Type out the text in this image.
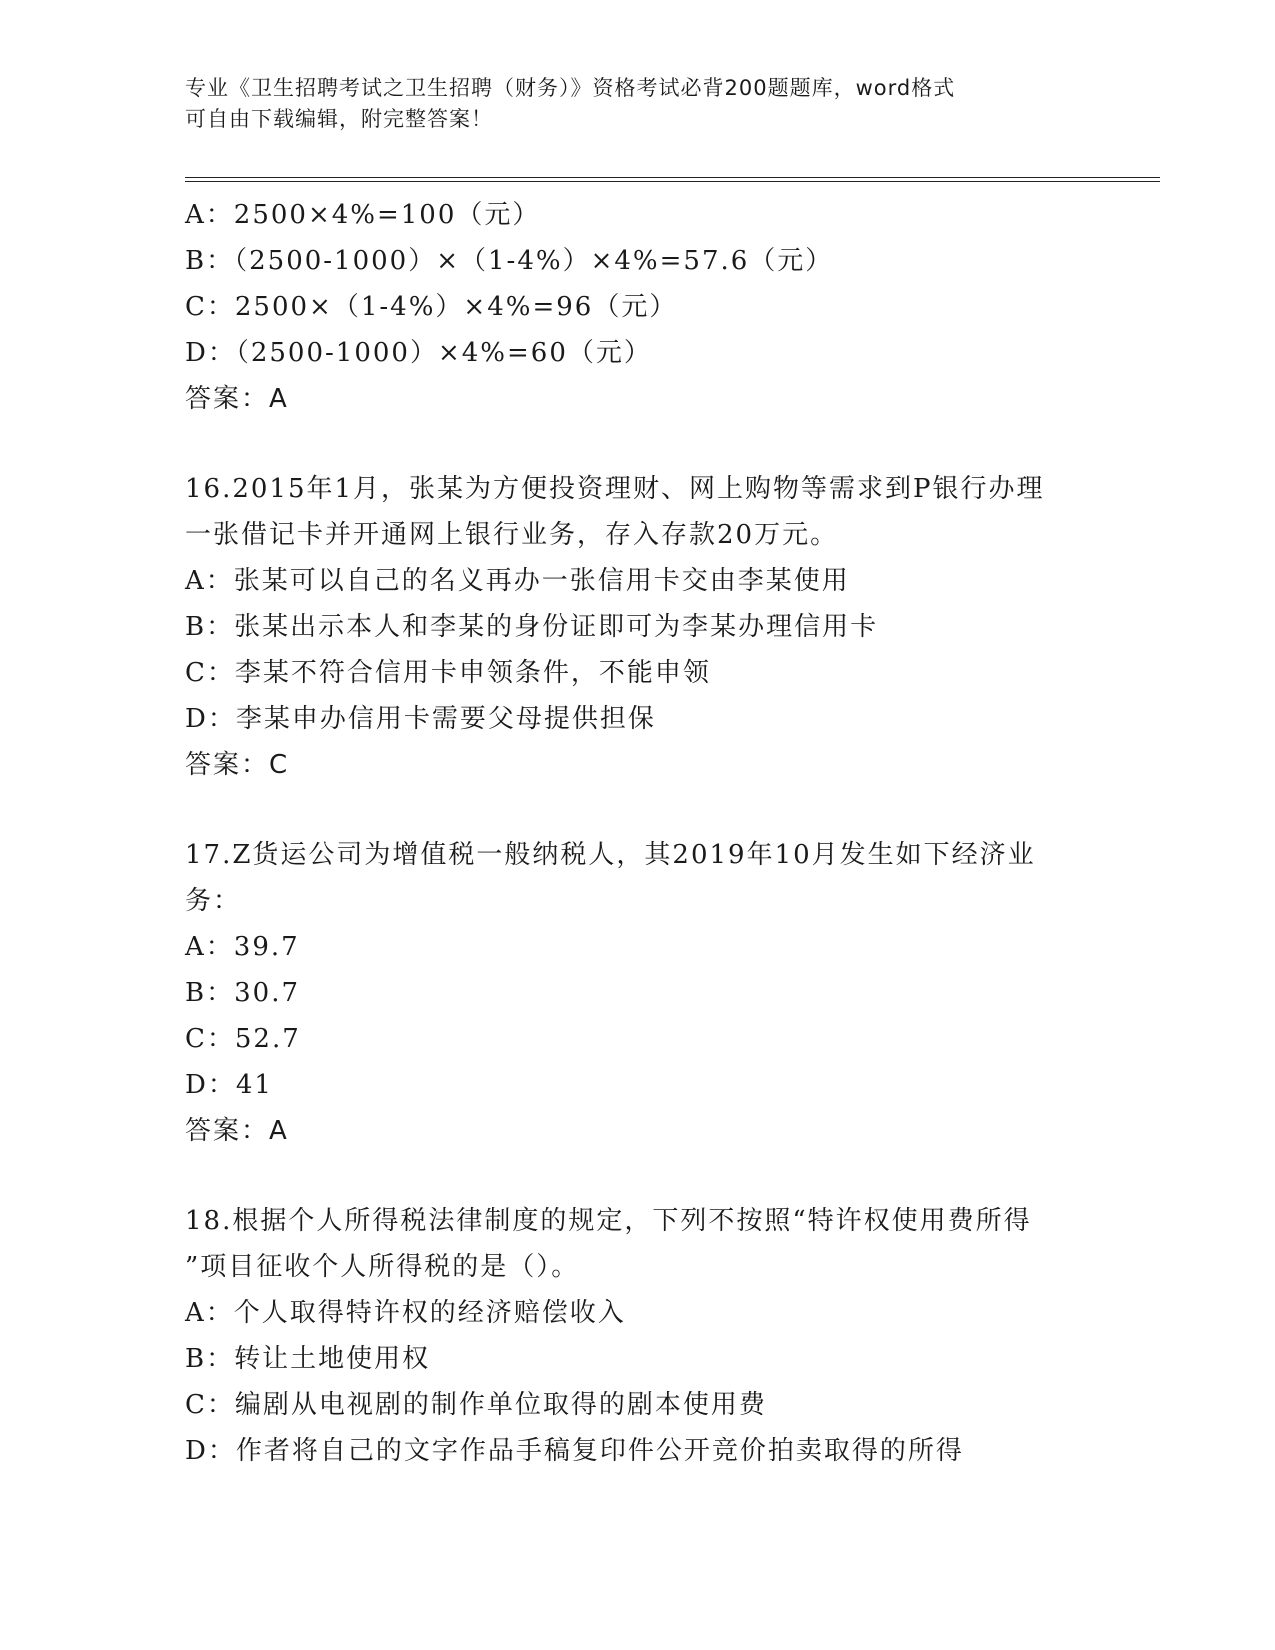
专业《卫生招聘考试之卫生招聘（财务）》资格考试必背200题题库，word格式
可自由下载编辑，附完整答案！
A：2500×4%=100（元）
B：（2500-1000）×（1-4%）×4%=57.6（元）
C：2500×（1-4%）×4%=96（元）
D：（2500-1000）×4%=60（元）
答案：A
16.2015年1月，张某为方便投资理财、网上购物等需求到P银行办理
一张借记卡并开通网上银行业务，存入存款20万元。
A：张某可以自己的名义再办一张信用卡交由李某使用
B：张某出示本人和李某的身份证即可为李某办理信用卡
C：李某不符合信用卡申领条件，不能申领
D：李某申办信用卡需要父母提供担保
答案：C
17.Z货运公司为增值税一般纳税人，其2019年10月发生如下经济业
务：
A：39.7
B：30.7
C：52.7
D：41
答案：A
18.根据个人所得税法律制度的规定，下列不按照“特许权使用费所得
”项目征收个人所得税的是（）。
A：个人取得特许权的经济赔偿收入
B：转让土地使用权
C：编剧从电视剧的制作单位取得的剧本使用费
D：作者将自己的文字作品手稿复印件公开竞价拍卖取得的所得
